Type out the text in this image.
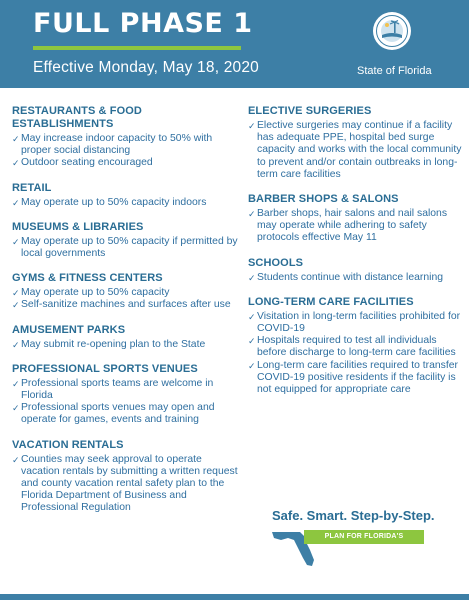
FULL PHASE 1
Effective Monday, May 18, 2020	State of Florida
RESTAURANTS & FOOD ESTABLISHMENTS
✓ May increase indoor capacity to 50% with proper social distancing
✓ Outdoor seating encouraged
RETAIL
✓ May operate up to 50% capacity indoors
MUSEUMS & LIBRARIES
✓ May operate up to 50% capacity if permitted by local governments
GYMS & FITNESS CENTERS
✓ May operate up to 50% capacity
✓ Self-sanitize machines and surfaces after use
AMUSEMENT PARKS
✓ May submit re-opening plan to the State
PROFESSIONAL SPORTS VENUES
✓ Professional sports teams are welcome in Florida
✓ Professional sports venues may open and operate for games, events and training
VACATION RENTALS
✓ Counties may seek approval to operate vacation rentals by submitting a written request and county vacation rental safety plan to the Florida Department of Business and Professional Regulation
ELECTIVE SURGERIES
✓ Elective surgeries may continue if a facility has adequate PPE, hospital bed surge capacity and works with the local community to prevent and/or contain outbreaks in long-term care facilities
BARBER SHOPS & SALONS
✓ Barber shops, hair salons and nail salons may operate while adhering to safety protocols effective May 11
SCHOOLS
✓ Students continue with distance learning
LONG-TERM CARE FACILITIES
✓ Visitation in long-term facilities prohibited for COVID-19
✓ Hospitals required to test all individuals before discharge to long-term care facilities
✓ Long-term care facilities required to transfer COVID-19 positive residents if the facility is not equipped for appropriate care
Safe. Smart. Step-by-Step.
PLAN FOR FLORIDA'S RECOVERY
